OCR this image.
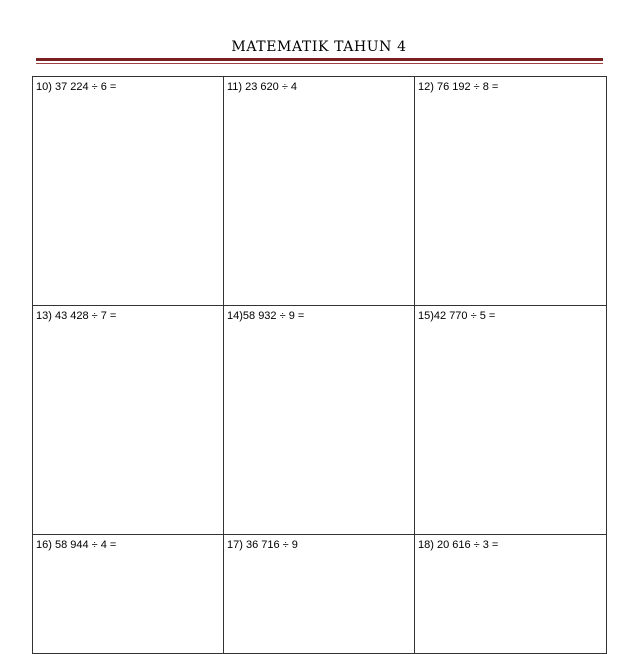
MATEMATIK TAHUN 4
10) 37 224 ÷ 6 =	11) 23 620 ÷ 4	12) 76 192 ÷ 8 =
13) 43 428 ÷ 7 =	14)58 932 ÷ 9 =	15)42 770 ÷ 5 =
16) 58 944 ÷ 4 =	17) 36 716 ÷ 9	18) 20 616 ÷ 3 =
